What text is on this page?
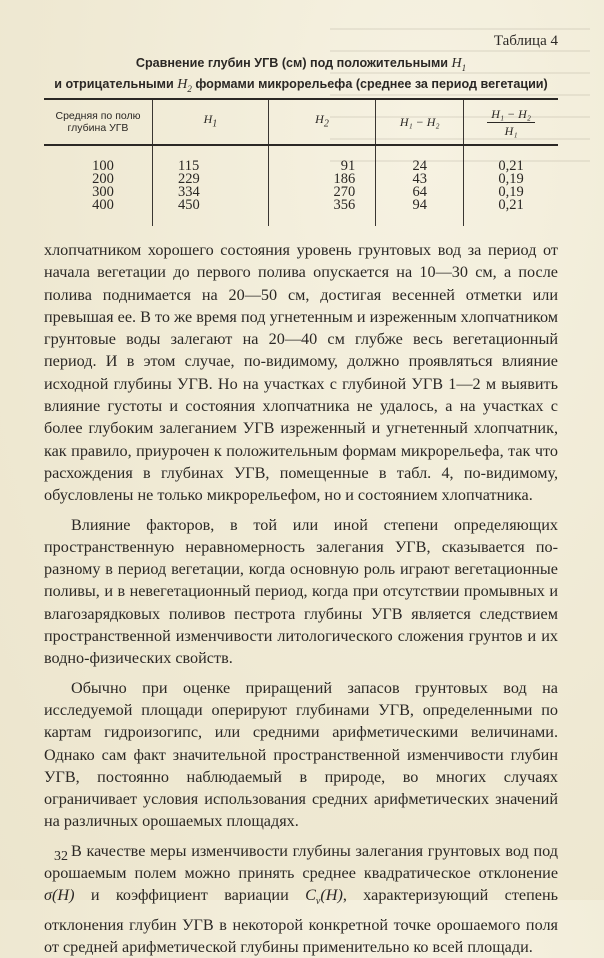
Таблица 4
Сравнение глубин УГВ (см) под положительными $H_1$
и отрицательными $H_2$ формами микрорельефа (среднее за период вегетации)
Средняя по полю
глубина УГВ	$H_1$	$H_2$	H₁ − H₂	$\frac{\text{H₁ − H₂}}{\text{H₁}}$

100	115	91	24	0,21
200	229	186	43	0,19
300	334	270	64	0,19
400	450	356	94	0,21

хлопчатником хорошего состояния уровень грунтовых вод за период от начала вегетации до первого полива опускается на 10—30 см, а после полива поднимается на 20—50 см, достигая весенней отметки или превышая ее. В то же время под угнетенным и изреженным хлопчатником грунтовые воды залегают на 20—40 см глубже весь вегетационный период. И в этом случае, по-видимому, должно проявляться влияние исходной глубины УГВ. Но на участках с глубиной УГВ 1—2 м выявить влияние густоты и состояния хлопчатника не удалось, а на участках с более глубоким залеганием УГВ изреженный и угнетенный хлопчатник, как правило, приурочен к положительным формам микрорельефа, так что расхождения в глубинах УГВ, помещенные в табл. 4, по-видимому, обусловлены не только микрорельефом, но и состоянием хлопчатника.

Влияние факторов, в той или иной степени определяющих пространственную неравномерность залегания УГВ, сказывается по-разному в период вегетации, когда основную роль играют вегетационные поливы, и в невегетационный период, когда при отсутствии промывных и влагозарядковых поливов пестрота глубины УГВ является следствием пространственной изменчивости литологического сложения грунтов и их водно-физических свойств.

Обычно при оценке приращений запасов грунтовых вод на исследуемой площади оперируют глубинами УГВ, определенными по картам гидроизогипс, или средними арифметическими величинами. Однако сам факт значительной пространственной изменчивости глубин УГВ, постоянно наблюдаемый в природе, во многих случаях ограничивает условия использования средних арифметических значений на различных орошаемых площадях.

В качестве меры изменчивости глубины залегания грунтовых вод под орошаемым полем можно принять среднее квадратическое отклонение σ(H) и коэффициент вариации $C_v(H)$, характеризующий степень отклонения глубин УГВ в некоторой конкретной точке орошаемого поля от средней арифметической глубины применительно ко всей площади.

32
